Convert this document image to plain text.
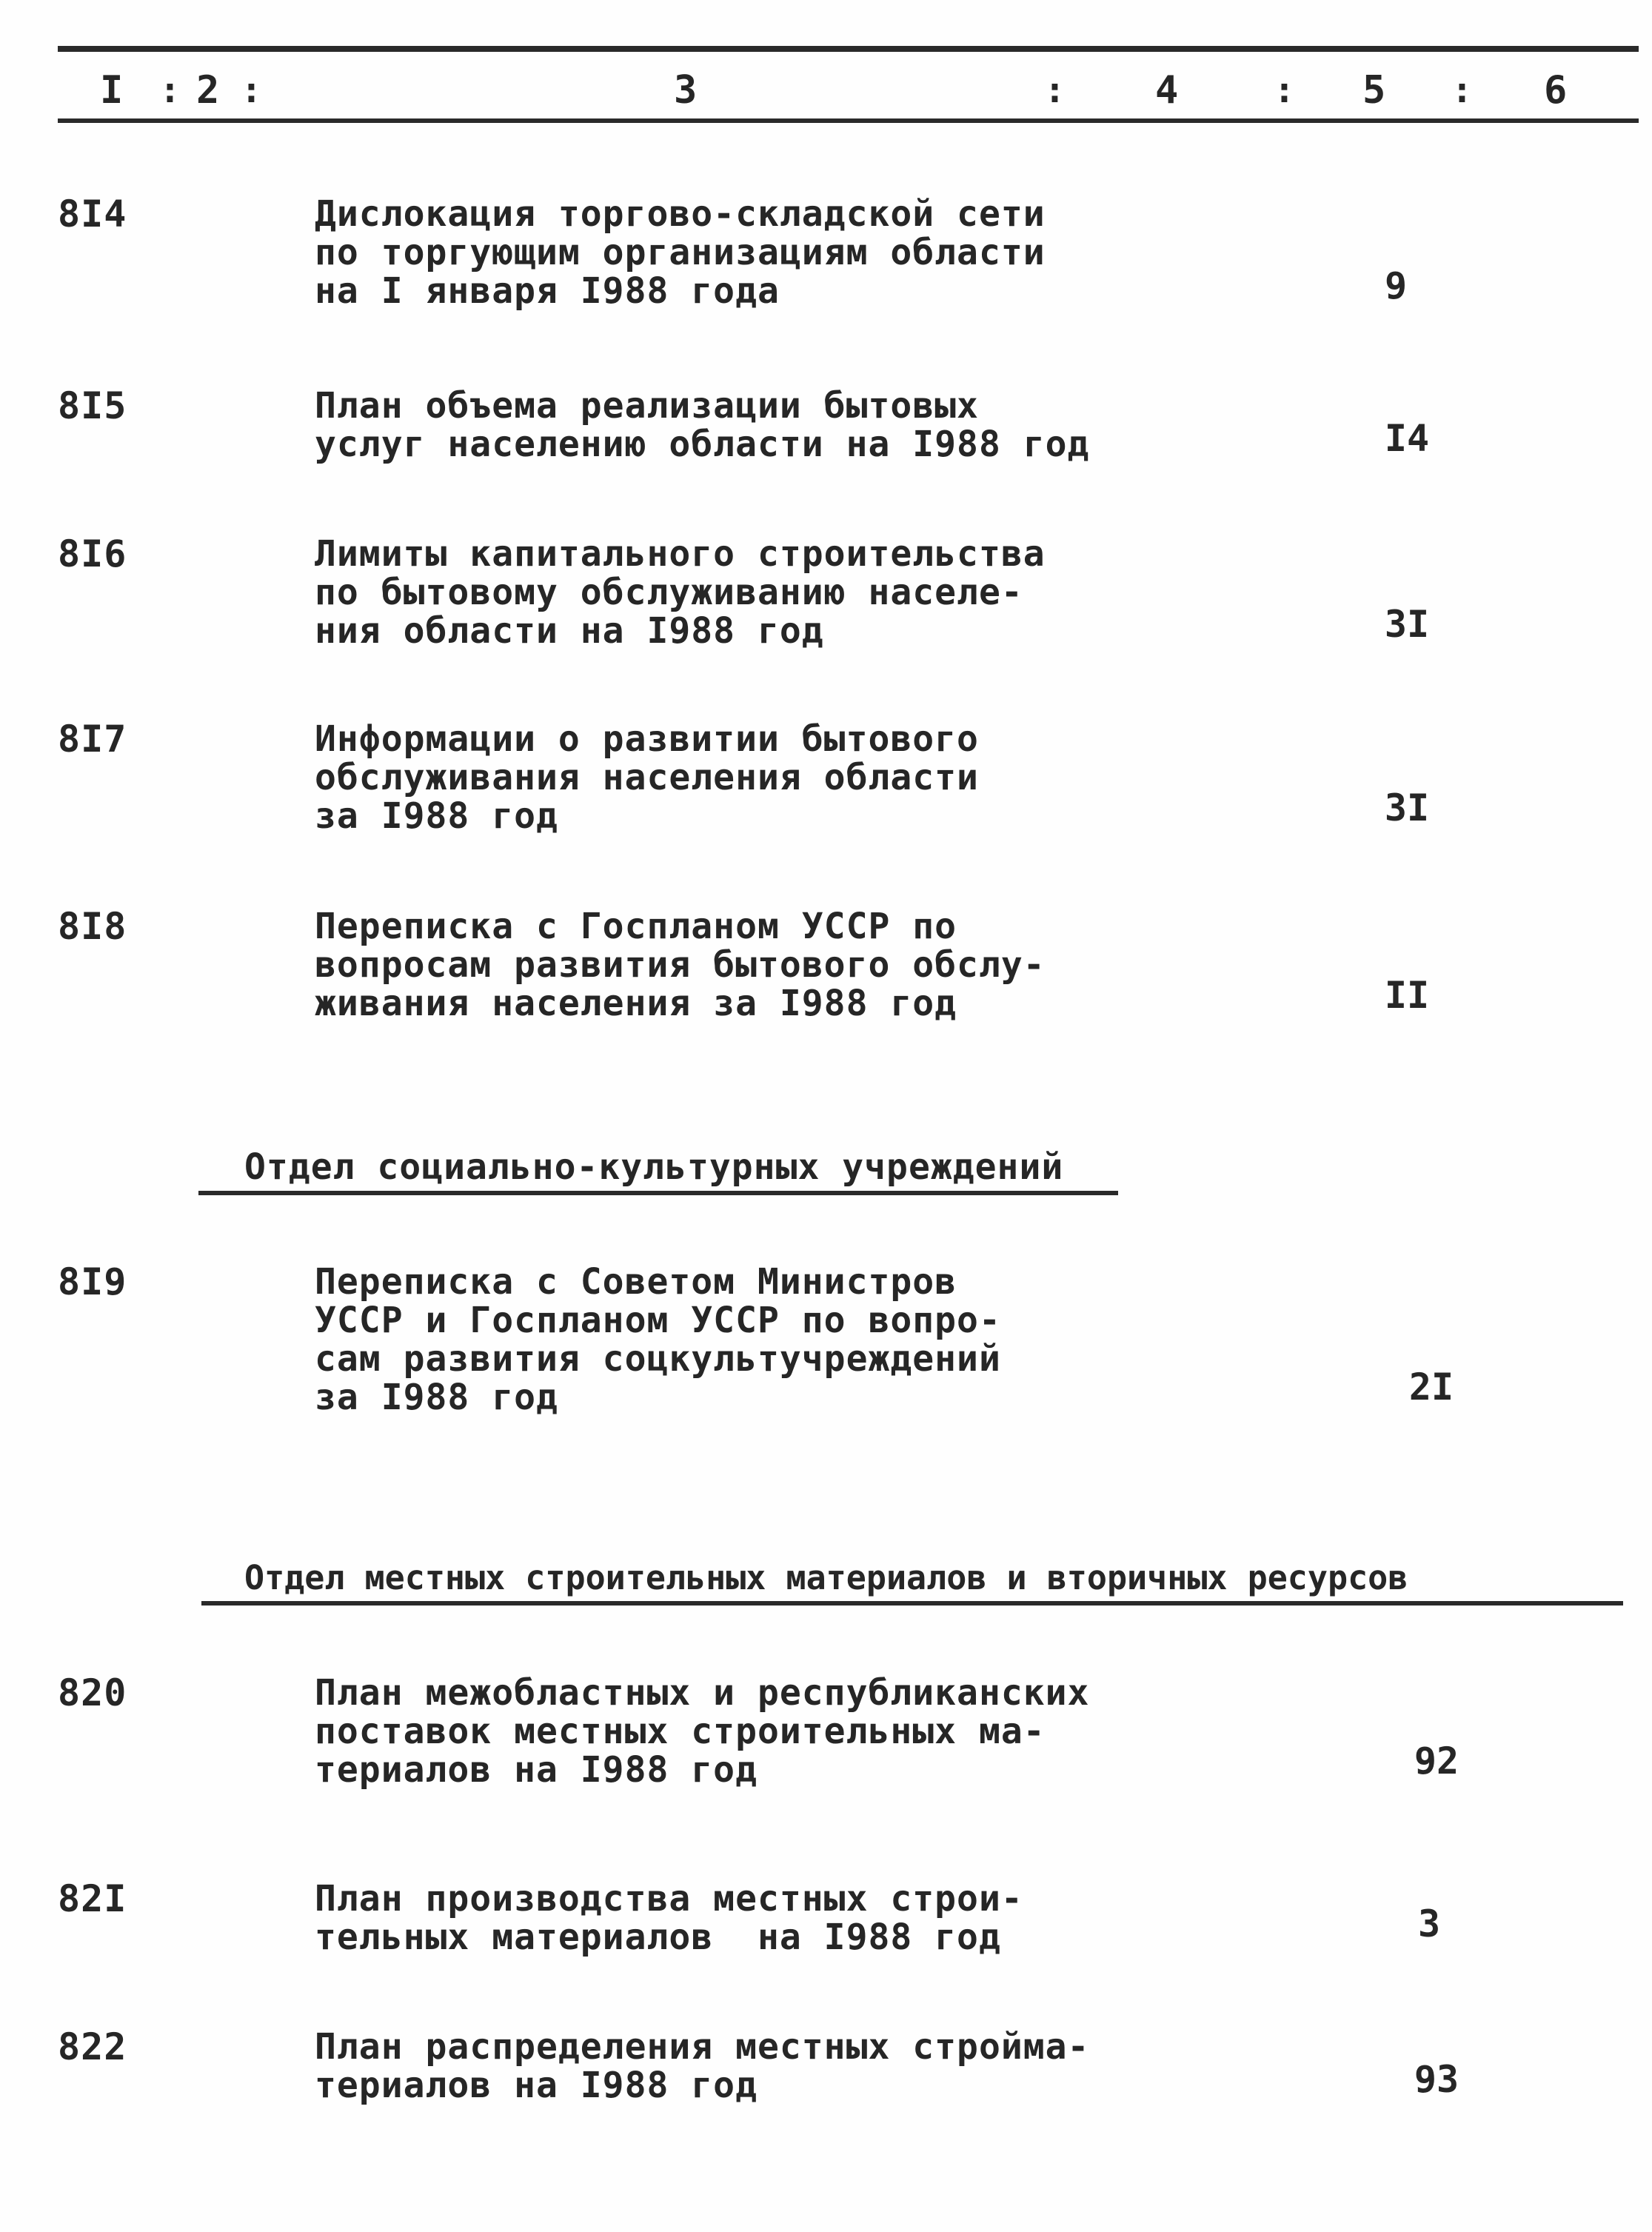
I : 2 :	3	: 4	: 5 : 6
8I4	Дислокация торгово-складской сети
по торгующим организациям области
на I января I988 года	9
8I5	План объема реализации бытовых
услуг населению области на I988 год	I4
8I6	Лимиты капитального строительства
по бытовому обслуживанию населе-
ния области на I988 год	3I
8I7	Информации о развитии бытового
обслуживания населения области
за I988 год	3I
8I8	Переписка с Госпланом УССР по
вопросам развития бытового обслу-
живания населения за I988 год	II
Отдел социально-культурных учреждений
8I9	Переписка с Советом Министров
УССР и Госпланом УССР по вопро-
сам развития соцкультучреждений
за I988 год	2I
Отдел местных строительных материалов и вторичных ресурсов
820	План межобластных и республиканских
поставок местных строительных ма-
териалов на I988 год	92
82I	План производства местных строи-
тельных материалов  на I988 год	3
822	План распределения местных стройма-
териалов на I988 год	93
